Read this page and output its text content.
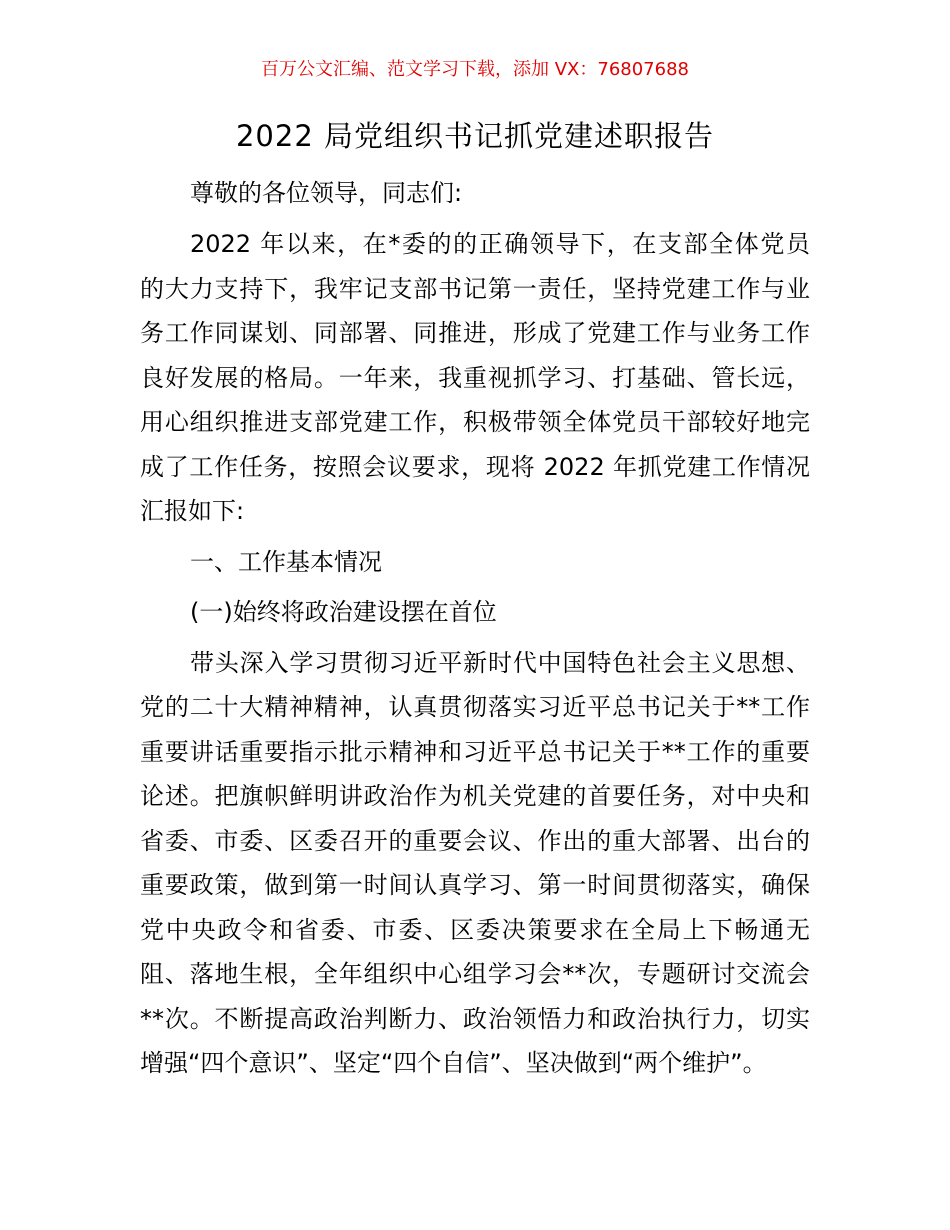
百万公文汇编、范文学习下载，添加 VX：76807688
2022 局党组织书记抓党建述职报告
尊敬的各位领导，同志们:

2022 年以来，在*委的的正确领导下，在支部全体党员
的大力支持下，我牢记支部书记第一责任，坚持党建工作与业
务工作同谋划、同部署、同推进，形成了党建工作与业务工作
良好发展的格局。一年来，我重视抓学习、打基础、管长远，
用心组织推进支部党建工作，积极带领全体党员干部较好地完
成了工作任务，按照会议要求，现将 2022 年抓党建工作情况
汇报如下:

一、工作基本情况
(一)始终将政治建设摆在首位

带头深入学习贯彻习近平新时代中国特色社会主义思想、
党的二十大精神精神，认真贯彻落实习近平总书记关于**工作
重要讲话重要指示批示精神和习近平总书记关于**工作的重要
论述。把旗帜鲜明讲政治作为机关党建的首要任务，对中央和
省委、市委、区委召开的重要会议、作出的重大部署、出台的
重要政策，做到第一时间认真学习、第一时间贯彻落实，确保
党中央政令和省委、市委、区委决策要求在全局上下畅通无
阻、落地生根，全年组织中心组学习会**次，专题研讨交流会
**次。不断提高政治判断力、政治领悟力和政治执行力，切实
增强“四个意识”、坚定“四个自信”、坚决做到“两个维护”。
